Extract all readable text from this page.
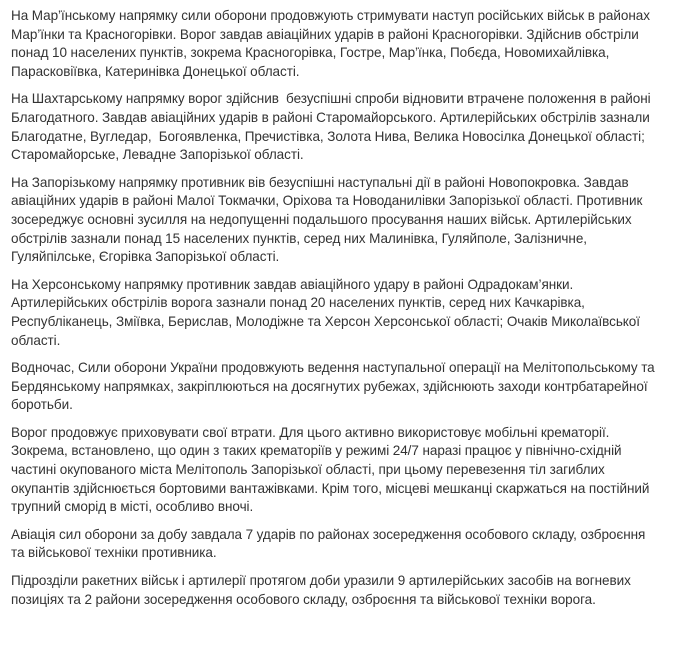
На Мар’їнському напрямку сили оборони продовжують стримувати наступ російських військ в районах Мар’їнки та Красногорівки. Ворог завдав авіаційних ударів в районі Красногорівки. Здійснив обстріли понад 10 населених пунктів, зокрема Красногорівка, Гостре, Мар’їнка, Побєда, Новомихайлівка, Парасковіївка, Катеринівка Донецької області.

На Шахтарському напрямку ворог здійснив  безуспішні спроби відновити втрачене положення в районі Благодатного. Завдав авіаційних ударів в районі Старомайорського. Артилерійських обстрілів зазнали Благодатне, Вугледар,  Богоявленка, Пречистівка, Золота Нива, Велика Новосілка Донецької області; Старомайорське, Левадне Запорізької області.

На Запорізькому напрямку противник вів безуспішні наступальні дії в районі Новопокровка. Завдав авіаційних ударів в районі Малої Токмачки, Оріхова та Новоданилівки Запорізької області. Противник зосереджує основні зусилля на недопущенні подальшого просування наших військ. Артилерійських обстрілів зазнали понад 15 населених пунктів, серед них Малинівка, Гуляйполе, Залізничне, Гуляйпілське, Єгорівка Запорізької області.

На Херсонському напрямку противник завдав авіаційного удару в районі Одрадокам’янки. Артилерійських обстрілів ворога зазнали понад 20 населених пунктів, серед них Качкарівка, Республіканець, Зміївка, Берислав, Молодіжне та Херсон Херсонської області; Очаків Миколаївської області.

Водночас, Сили оборони України продовжують ведення наступальної операції на Мелітопольському та Бердянському напрямках, закріплюються на досягнутих рубежах, здійснюють заходи контрбатарейної боротьби.

Ворог продовжує приховувати свої втрати. Для цього активно використовує мобільні крематорії. Зокрема, встановлено, що один з таких крематоріїв у режимі 24/7 наразі працює у північно-східній частині окупованого міста Мелітополь Запорізької області, при цьому перевезення тіл загиблих окупантів здійснюється бортовими вантажівками. Крім того, місцеві мешканці скаржаться на постійний трупний сморід в місті, особливо вночі.

Авіація сил оборони за добу завдала 7 ударів по районах зосередження особового складу, озброєння та військової техніки противника.

Підрозділи ракетних військ і артилерії протягом доби уразили 9 артилерійських засобів на вогневих позиціях та 2 райони зосередження особового складу, озброєння та військової техніки ворога.
